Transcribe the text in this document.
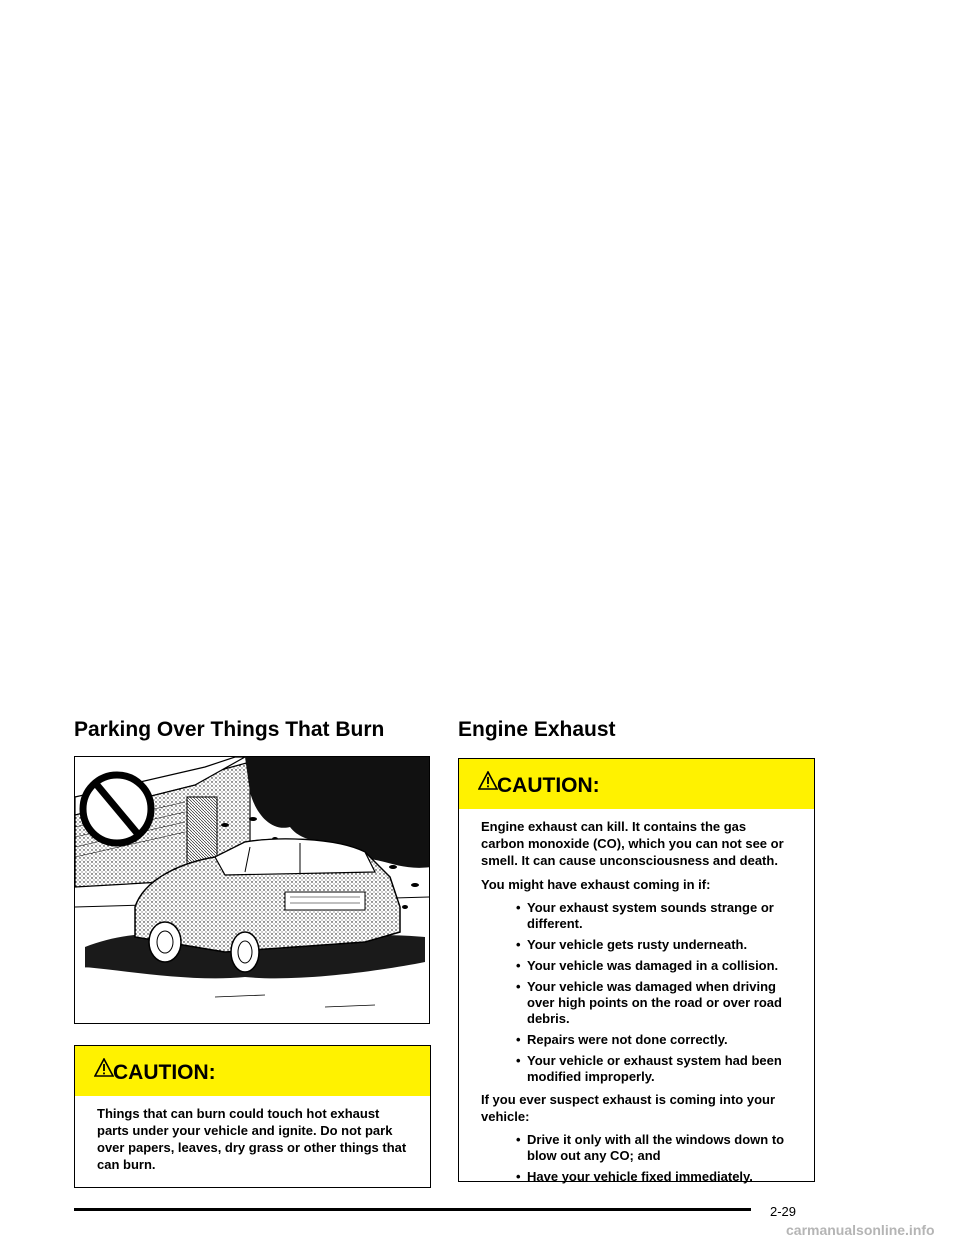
Parking Over Things That Burn	Engine Exhaust
CAUTION:

Things that can burn could touch hot exhaust parts under your vehicle and ignite. Do not park over papers, leaves, dry grass or other things that can burn.

CAUTION:

Engine exhaust can kill. It contains the gas carbon monoxide (CO), which you can not see or smell. It can cause unconsciousness and death.

You might have exhaust coming in if:

• Your exhaust system sounds strange or different.
• Your vehicle gets rusty underneath.
• Your vehicle was damaged in a collision.
• Your vehicle was damaged when driving over high points on the road or over road debris.
• Repairs were not done correctly.
• Your vehicle or exhaust system had been modified improperly.

If you ever suspect exhaust is coming into your vehicle:

• Drive it only with all the windows down to blow out any CO; and
• Have your vehicle fixed immediately.
2-29
carmanualsonline.info
